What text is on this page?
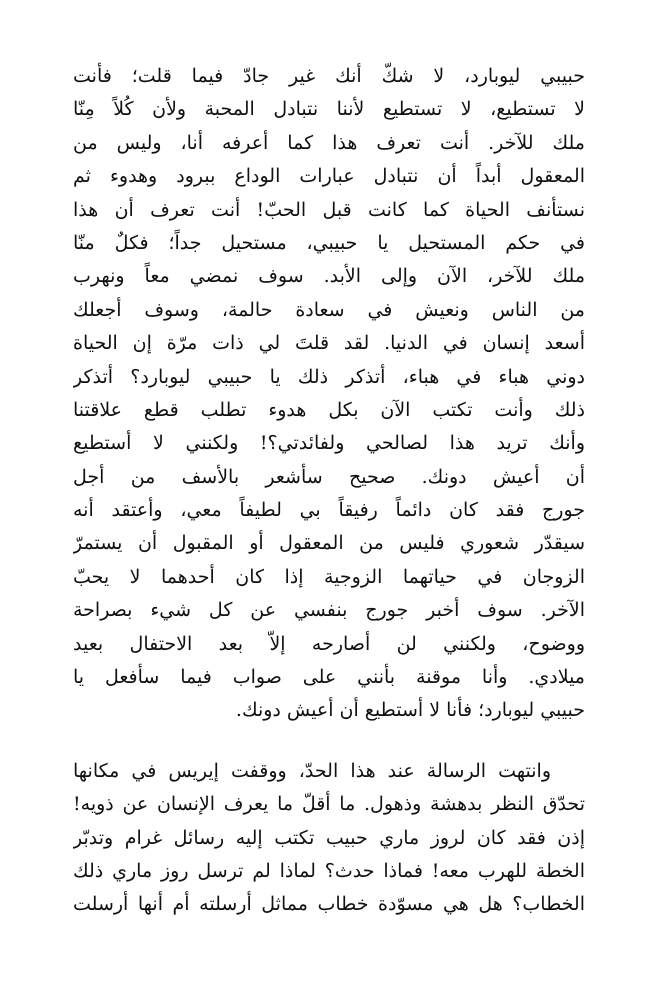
حبيبي ليوبارد، لا شكّ أنك غير جادّ فيما قلت؛ فأنت
لا تستطيع، لا تستطيع لأننا نتبادل المحبة ولأن كُلاً مِنّا
ملك للآخر. أنت تعرف هذا كما أعرفه أنا، وليس من
المعقول أبداً أن نتبادل عبارات الوداع ببرود وهدوء ثم
نستأنف الحياة كما كانت قبل الحبّ! أنت تعرف أن هذا
في حكم المستحيل يا حبيبي، مستحيل جداً؛ فكلٌ منّا
ملك للآخر، الآن وإلى الأبد. سوف نمضي معاً ونهرب
من الناس ونعيش في سعادة حالمة، وسوف أجعلك
أسعد إنسان في الدنيا. لقد قلتَ لي ذات مرّة إن الحياة
دوني هباء في هباء، أتذكر ذلك يا حبيبي ليوبارد؟ أتذكر
ذلك وأنت تكتب الآن بكل هدوء تطلب قطع علاقتنا
وأنك تريد هذا لصالحي ولفائدتي؟! ولكنني لا أستطيع
أن أعيش دونك. صحيح سأشعر بالأسف من أجل
جورج فقد كان دائماً رفيقاً بي لطيفاً معي، وأعتقد أنه
سيقدّر شعوري فليس من المعقول أو المقبول أن يستمرّ
الزوجان في حياتهما الزوجية إذا كان أحدهما لا يحبّ
الآخر. سوف أخبر جورج بنفسي عن كل شيء بصراحة
ووضوح، ولكنني لن أصارحه إلاّ بعد الاحتفال بعيد
ميلادي. وأنا موقنة بأنني على صواب فيما سأفعل يا
حبيبي ليوبارد؛ فأنا لا أستطيع أن أعيش دونك.
وانتهت الرسالة عند هذا الحدّ، ووقفت إيريس في مكانها
تحدّق النظر بدهشة وذهول. ما أقلّ ما يعرف الإنسان عن ذويه!
إذن فقد كان لروز ماري حبيب تكتب إليه رسائل غرام وتدبّر
الخطة للهرب معه! فماذا حدث؟ لماذا لم ترسل روز ماري ذلك
الخطاب؟ هل هي مسوّدة خطاب مماثل أرسلته أم أنها أرسلت
